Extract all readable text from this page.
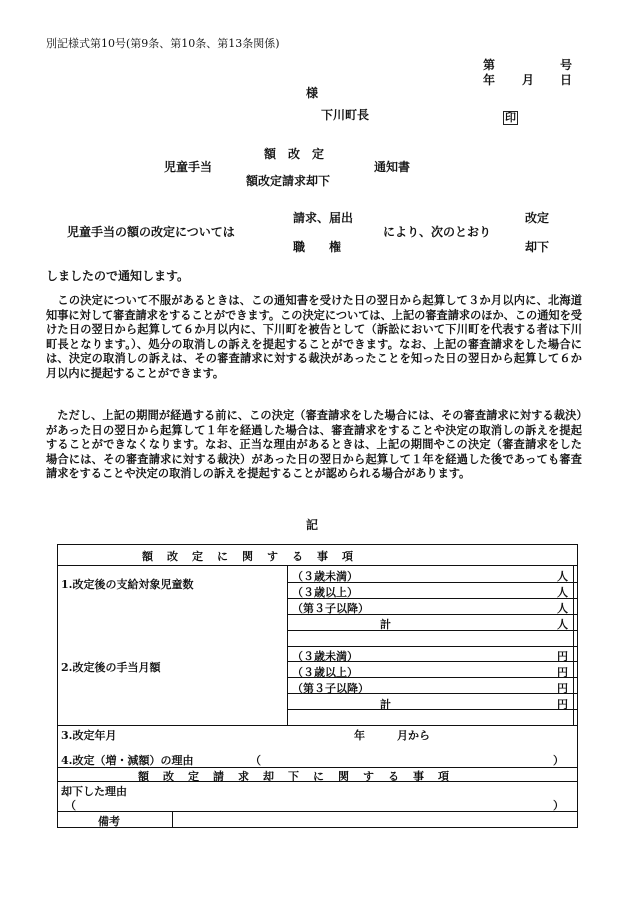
別記様式第10号(第9条、第10条、第13条関係)
第	号
年 月 日
様
下川町長	印
額　改　定
児童手当	通知書
額改定請求却下
請求、届出	改定
児童手当の額の改定については	により、次のとおり
職　　権	却下
しましたので通知します。
　この決定について不服があるときは、この通知書を受けた日の翌日から起算して３か月以内に、北海道知事に対して審査請求をすることができます。この決定については、上記の審査請求のほか、この通知を受けた日の翌日から起算して６か月以内に、下川町を被告として（訴訟において下川町を代表する者は下川町長となります。）、処分の取消しの訴えを提起することができます。なお、上記の審査請求をした場合には、決定の取消しの訴えは、その審査請求に対する裁決があったことを知った日の翌日から起算して６か月以内に提起することができます。
　ただし、上記の期間が経過する前に、この決定（審査請求をした場合には、その審査請求に対する裁決）があった日の翌日から起算して１年を経過した場合は、審査請求をすることや決定の取消しの訴えを提起することができなくなります。なお、正当な理由があるときは、上記の期間やこの決定（審査請求をした場合には、その審査請求に対する裁決）があった日の翌日から起算して１年を経過した後であっても審査請求をすることや決定の取消しの訴えを提起することが認められる場合があります。
記
額改定に関する事項
1.改定後の支給対象児童数
（３歳未満）	人
（３歳以上）	人
（第３子以降）	人
計	人
2.改定後の手当月額
（３歳未満）	円
（３歳以上）	円
（第３子以降）	円
計	円
3.改定年月	年	月から
4.改定（増・減額）の理由	（	）
額改定請求却下に関する事項
却下した理由
（	）
備考
